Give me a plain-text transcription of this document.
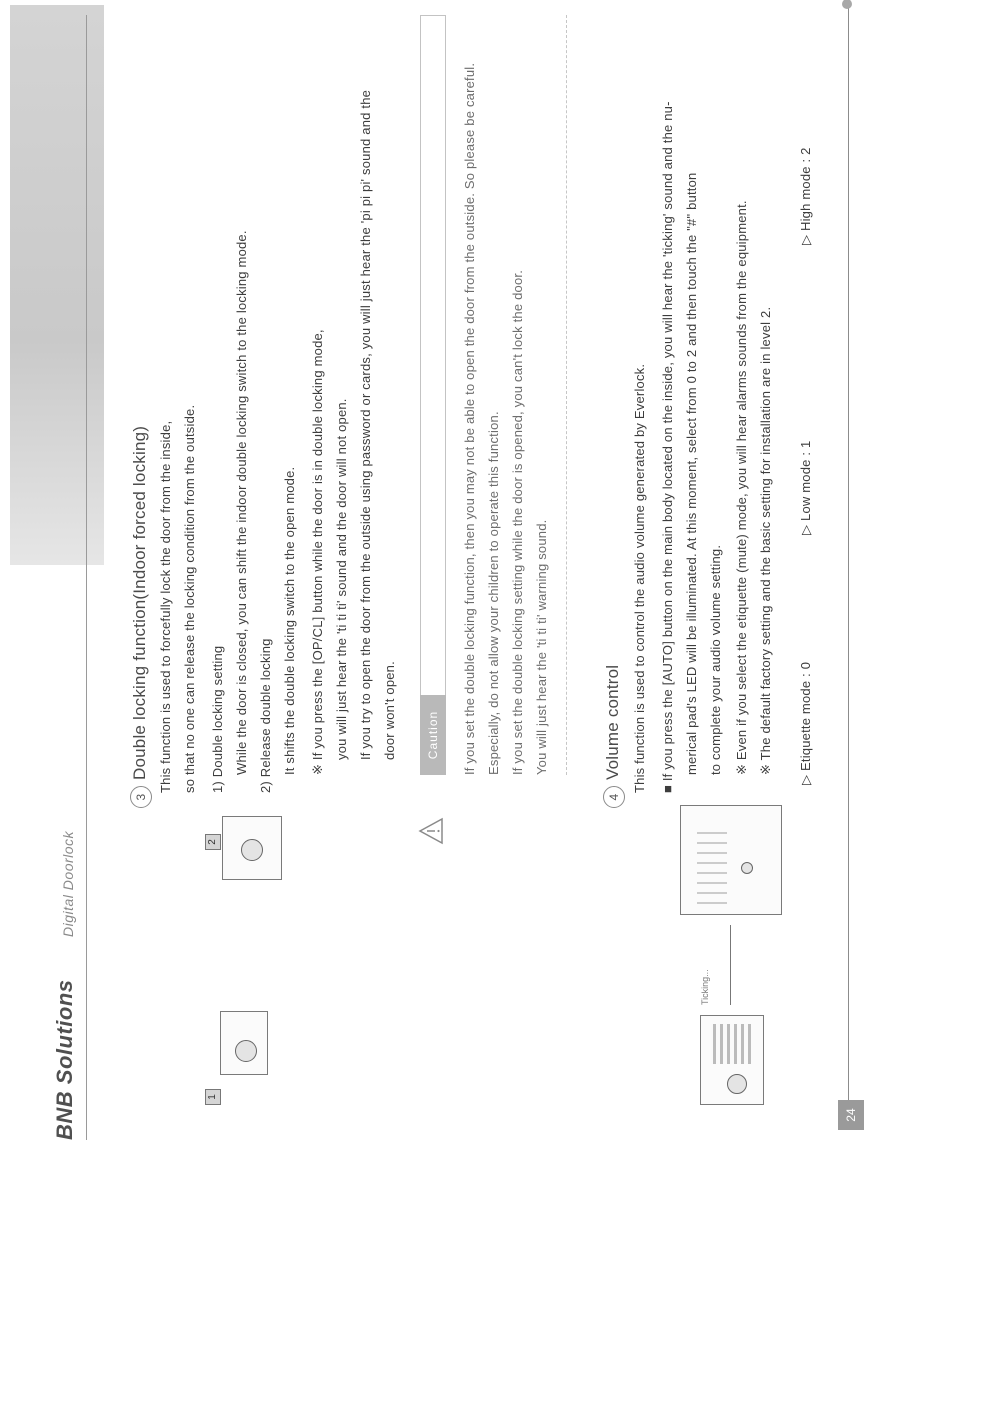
BNB Solutions
Digital Doorlock
1
2
3Double locking function(Indoor forced locking) This function is used to forcefully lock the door from the inside, so that no one can release the locking condition from the outside. 1) Double locking setting While the door is closed, you can shift the indoor double locking switch to the locking mode. 2) Release double locking It shifts the double locking switch to the open mode. ※ If you press the [OP/CL] button while the door is in double locking mode, you will just hear the 'ti ti ti' sound and the door will not open. If you try to open the door from the outside using password or cards, you will just hear the 'pi pi pi' sound and the door won't open.	Caution	If you set the double locking function, then you may not be able to open the door from the outside. So please be careful. Especially, do not allow your children to operate this function. If you set the double locking setting while the door is opened, you can't lock the door. You will just hear the 'ti ti ti' warning sound.
Ticking...
4Volume control This function is used to control the audio volume generated by Everlock. ■ If you press the [AUTO] button on the main body located on the inside, you will hear the 'ticking' sound and the nu- merical pad's LED will be illuminated. At this moment, select from 0 to 2 and then touch the "#" button to complete your audio volume setting. ※ Even if you select the etiquette (mute) mode, you will hear alarms sounds from the equipment. ※ The default factory setting and the basic setting for installation are in level 2. ▷ Etiquette mode : 0
▷ Low mode : 1
▷ High mode : 2
24
